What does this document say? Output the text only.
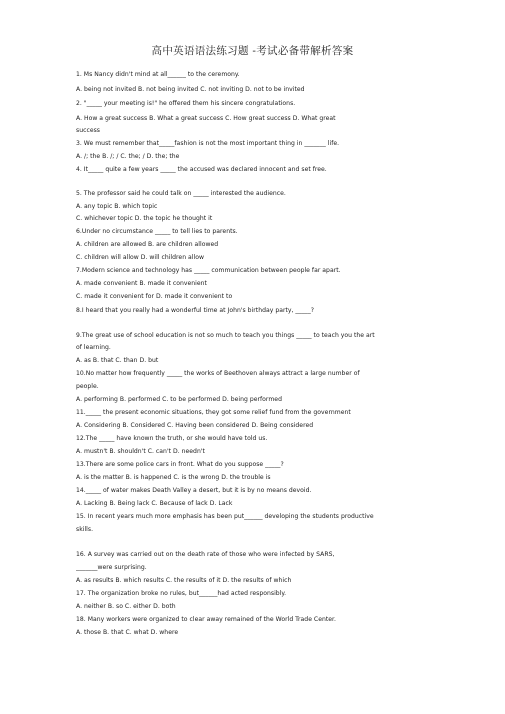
高中英语语法练习题 -考试必备带解析答案
1. Ms Nancy didn't mind at all______ to the ceremony.
A. being not invited B. not being invited C. not inviting D. not to be invited
2. "_____ your meeting is!" he offered them his sincere congratulations.
A. How a great success B. What a great success C. How great success D. What great
success
3. We must remember that_____fashion is not the most important thing in _______ life.
A. /; the B. /; / C. the; / D. the; the
4. It_____ quite a few years _____ the accused was declared innocent and set free.
5. The professor said he could talk on _____ interested the audience.
A. any topic B. which topic
C. whichever topic D. the topic he thought it
6.Under no circumstance _____ to tell lies to parents.
A. children are allowed B. are children allowed
C. children will allow D. will children allow
7.Modern science and technology has _____ communication between people far apart.
A. made convenient B. made it convenient
C. made it convenient for D. made it convenient to
8.I heard that you really had a wonderful time at John's birthday party, _____?
9.The great use of school education is not so much to teach you things _____ to teach you the art
of learning.
A. as B. that C. than D. but
10.No matter how frequently _____ the works of Beethoven always attract a large number of
people.
A. performing B. performed C. to be performed D. being performed
11._____ the present economic situations, they got some relief fund from the government
A. Considering B. Considered C. Having been considered D. Being considered
12.The _____ have known the truth, or she would have told us.
A. mustn't B. shouldn't C. can't D. needn't
13.There are some police cars in front. What do you suppose _____?
A. is the matter B. is happened C. is the wrong D. the trouble is
14._____ of water makes Death Valley a desert, but it is by no means devoid.
A. Lacking B. Being lack C. Because of lack D. Lack
15. In recent years much more emphasis has been put______ developing the students productive
skills.
16. A survey was carried out on the death rate of those who were infected by SARS,
_______were surprising.
A. as results B. which results C. the results of it D. the results of which
17. The organization broke no rules, but______had acted responsibly.
A. neither B. so C. either D. both
18. Many workers were organized to clear away remained of the World Trade Center.
A. those B. that C. what D. where
